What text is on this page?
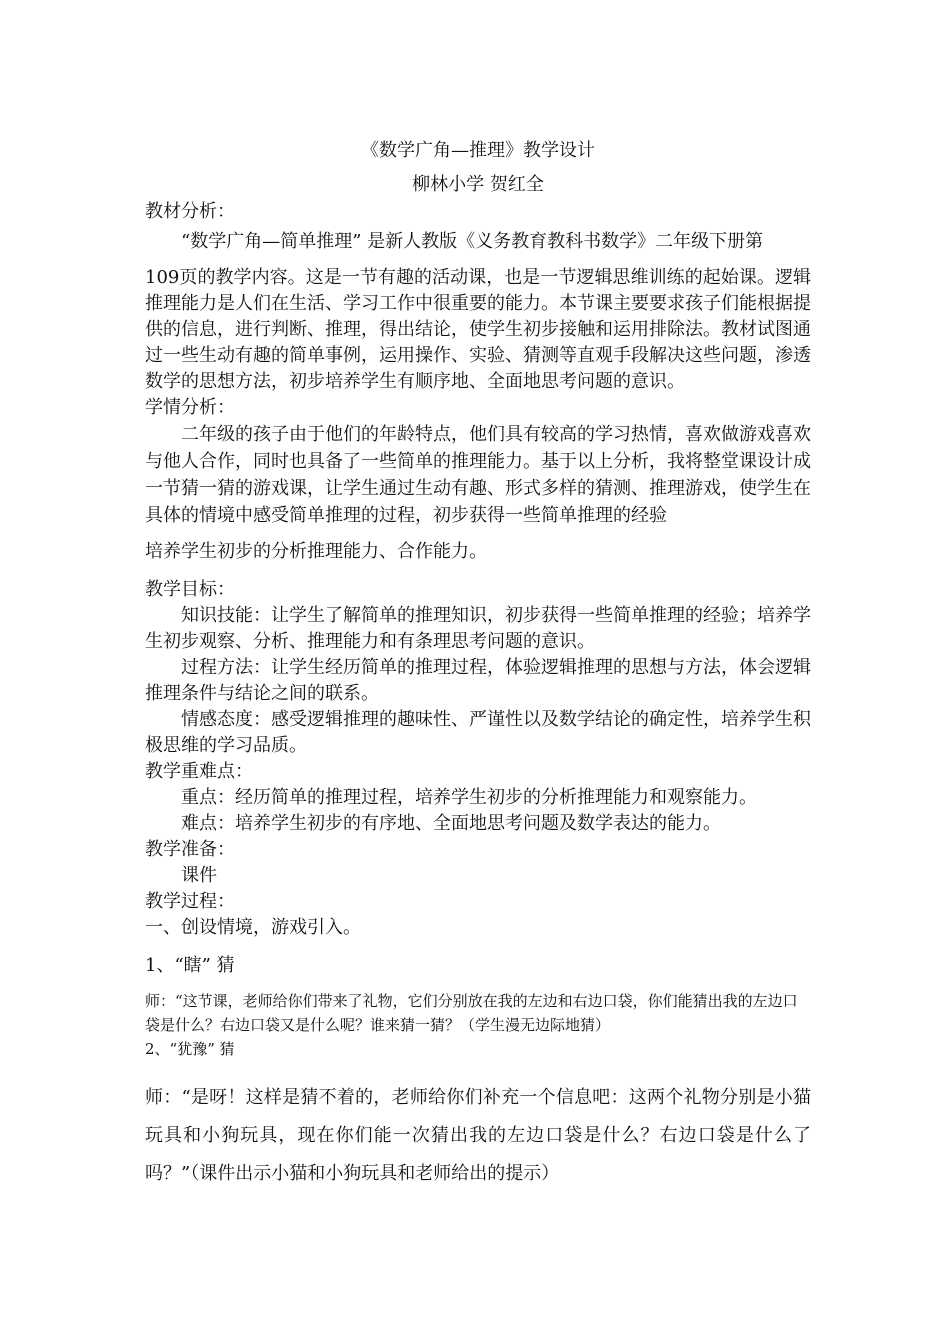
《数学广角—推理》教学设计

柳林小学 贺红全

教材分析：

“数学广角—简单推理” 是新人教版《义务教育教科书数学》二年级下册第

109页的教学内容。这是一节有趣的活动课，也是一节逻辑思维训练的起始课。逻辑推理能力是人们在生活、学习工作中很重要的能力。本节课主要要求孩子们能根据提供的信息，进行判断、推理，得出结论，使学生初步接触和运用排除法。教材试图通过一些生动有趣的简单事例，运用操作、实验、猜测等直观手段解决这些问题，渗透数学的思想方法，初步培养学生有顺序地、全面地思考问题的意识。

学情分析：

二年级的孩子由于他们的年龄特点，他们具有较高的学习热情，喜欢做游戏喜欢与他人合作，同时也具备了一些简单的推理能力。基于以上分析，我将整堂课设计成一节猜一猜的游戏课，让学生通过生动有趣、形式多样的猜测、推理游戏，使学生在具体的情境中感受简单推理的过程，初步获得一些简单推理的经验

培养学生初步的分析推理能力、合作能力。

教学目标：

知识技能：让学生了解简单的推理知识，初步获得一些简单推理的经验；培养学生初步观察、分析、推理能力和有条理思考问题的意识。

过程方法：让学生经历简单的推理过程，体验逻辑推理的思想与方法，体会逻辑推理条件与结论之间的联系。

情感态度：感受逻辑推理的趣味性、严谨性以及数学结论的确定性，培养学生积极思维的学习品质。

教学重难点：

重点：经历简单的推理过程，培养学生初步的分析推理能力和观察能力。

难点：培养学生初步的有序地、全面地思考问题及数学表达的能力。

教学准备：

课件

教学过程：

一、创设情境，游戏引入。

1、“瞎” 猜

师：“这节课，老师给你们带来了礼物，它们分别放在我的左边和右边口袋，你们能猜出我的左边口袋是什么？右边口袋又是什么呢？谁来猜一猜？（学生漫无边际地猜）

2、“犹豫” 猜

师：“是呀！这样是猜不着的，老师给你们补充一个信息吧：这两个礼物分别是小猫玩具和小狗玩具，现在你们能一次猜出我的左边口袋是什么？右边口袋是什么了吗？”（课件出示小猫和小狗玩具和老师给出的提示）
